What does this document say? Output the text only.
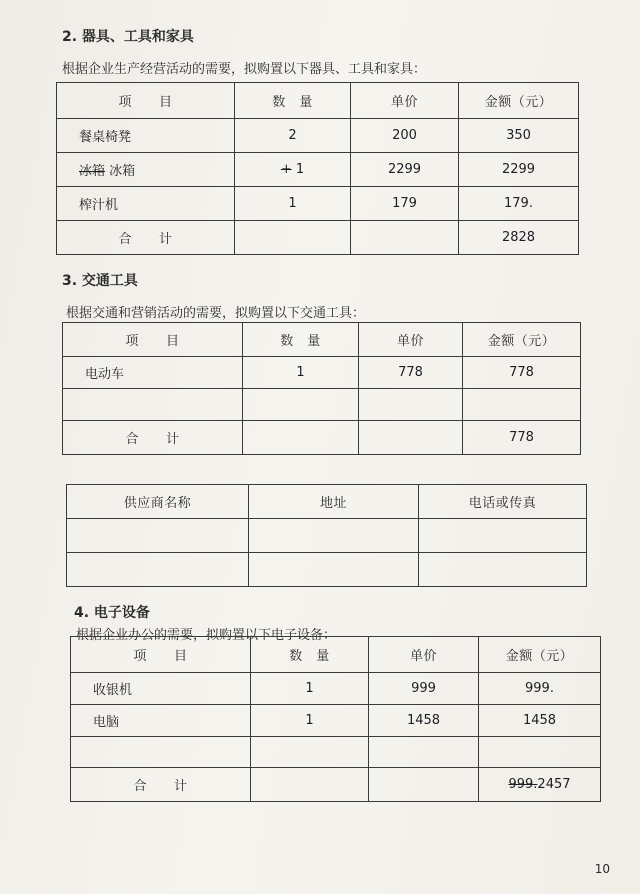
2. 器具、工具和家具
根据企业生产经营活动的需要，拟购置以下器具、工具和家具：
项　　目	数　量	单价	金额（元）
餐桌椅凳	2	200	350
冰箱 冰箱	+ 1	2299	2299
榨汁机	1	179	179.
合　　计			2828
3. 交通工具
根据交通和营销活动的需要，拟购置以下交通工具：
项　　目	数　量	单价	金额（元）
电动车	1	778	778

合　　计			778
供应商名称	地址	电话或传真

4. 电子设备
根据企业办公的需要，拟购置以下电子设备：
项　　目	数　量	单价	金额（元）
收银机	1	999	999.
电脑	1	1458	1458

合　　计			999.2457
10
